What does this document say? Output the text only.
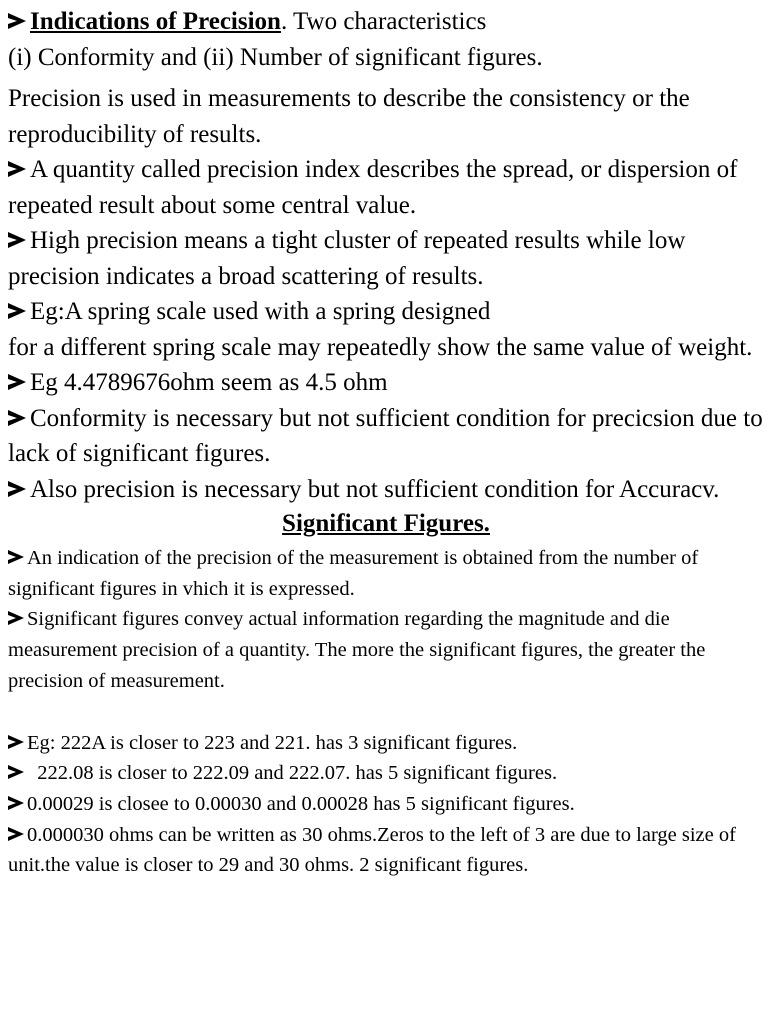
Indications of Precision. Two characteristics

(i) Conformity and (ii) Number of significant figures.

Precision is used in measurements to describe the consistency or the reproducibility of results.

A quantity called precision index describes the spread, or dispersion of repeated result about some central value.

High precision means a tight cluster of repeated results while low precision indicates a broad scattering of results.

Eg:A spring scale used with a spring designed

for a different spring scale may repeatedly show the same value of weight.

Eg 4.4789676ohm seem as 4.5 ohm

Conformity is necessary but not sufficient condition for precicsion due to lack of significant figures.

Also precision is necessary but not sufficient condition for Accuracv.

Significant Figures.

An indication of the precision of the measurement is obtained from the number of significant figures in vhich it is expressed.

Significant figures convey actual information regarding the magnitude and die measurement precision of a quantity. The more the significant figures, the greater the precision of measurement.

Eg: 222A is closer to 223 and 221. has 3 significant figures.

222.08 is closer to 222.09 and 222.07. has 5 significant figures.

0.00029 is closee to 0.00030 and 0.00028 has 5 significant figures.

0.000030 ohms can be written as 30 ohms.Zeros to the left of 3 are due to large size of unit.the value is closer to 29 and 30 ohms. 2 significant figures.
